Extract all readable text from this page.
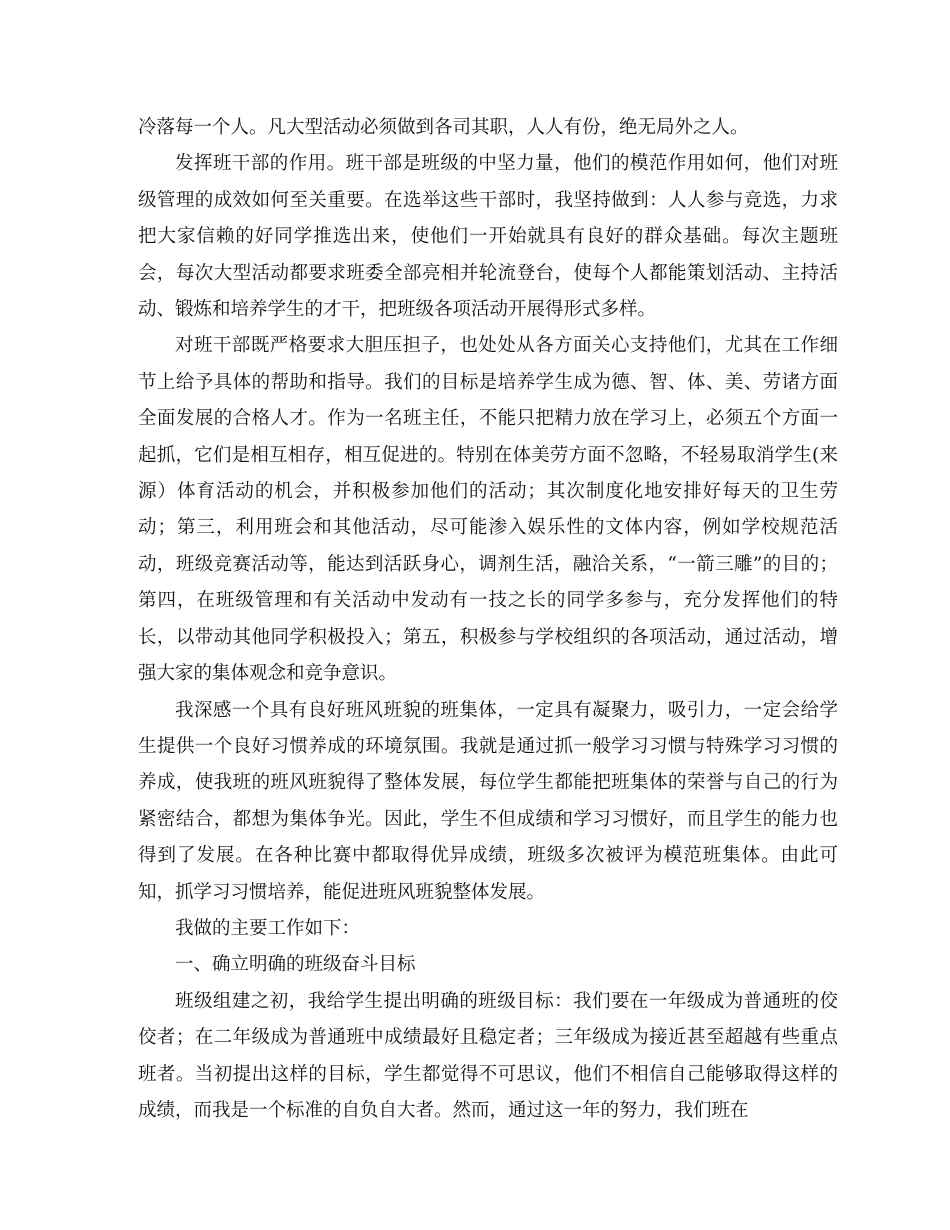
冷落每一个人。凡大型活动必须做到各司其职，人人有份，绝无局外之人。

发挥班干部的作用。班干部是班级的中坚力量，他们的模范作用如何，他们对班级管理的成效如何至关重要。在选举这些干部时，我坚持做到：人人参与竞选，力求把大家信赖的好同学推选出来，使他们一开始就具有良好的群众基础。每次主题班会，每次大型活动都要求班委全部亮相并轮流登台，使每个人都能策划活动、主持活动、锻炼和培养学生的才干，把班级各项活动开展得形式多样。

对班干部既严格要求大胆压担子，也处处从各方面关心支持他们，尤其在工作细节上给予具体的帮助和指导。我们的目标是培养学生成为德、智、体、美、劳诸方面全面发展的合格人才。作为一名班主任，不能只把精力放在学习上，必须五个方面一起抓，它们是相互相存，相互促进的。特别在体美劳方面不忽略，不轻易取消学生(来源）体育活动的机会，并积极参加他们的活动；其次制度化地安排好每天的卫生劳动；第三，利用班会和其他活动，尽可能渗入娱乐性的文体内容，例如学校规范活动，班级竞赛活动等，能达到活跃身心，调剂生活，融洽关系，“一箭三雕”的目的；第四，在班级管理和有关活动中发动有一技之长的同学多参与，充分发挥他们的特长，以带动其他同学积极投入；第五，积极参与学校组织的各项活动，通过活动，增强大家的集体观念和竞争意识。

我深感一个具有良好班风班貌的班集体，一定具有凝聚力，吸引力，一定会给学生提供一个良好习惯养成的环境氛围。我就是通过抓一般学习习惯与特殊学习习惯的养成，使我班的班风班貌得了整体发展，每位学生都能把班集体的荣誉与自己的行为紧密结合，都想为集体争光。因此，学生不但成绩和学习习惯好，而且学生的能力也得到了发展。在各种比赛中都取得优异成绩，班级多次被评为模范班集体。由此可知，抓学习习惯培养，能促进班风班貌整体发展。

我做的主要工作如下：

一、确立明确的班级奋斗目标

班级组建之初，我给学生提出明确的班级目标：我们要在一年级成为普通班的佼佼者；在二年级成为普通班中成绩最好且稳定者；三年级成为接近甚至超越有些重点班者。当初提出这样的目标，学生都觉得不可思议，他们不相信自己能够取得这样的成绩，而我是一个标准的自负自大者。然而，通过这一年的努力，我们班在
